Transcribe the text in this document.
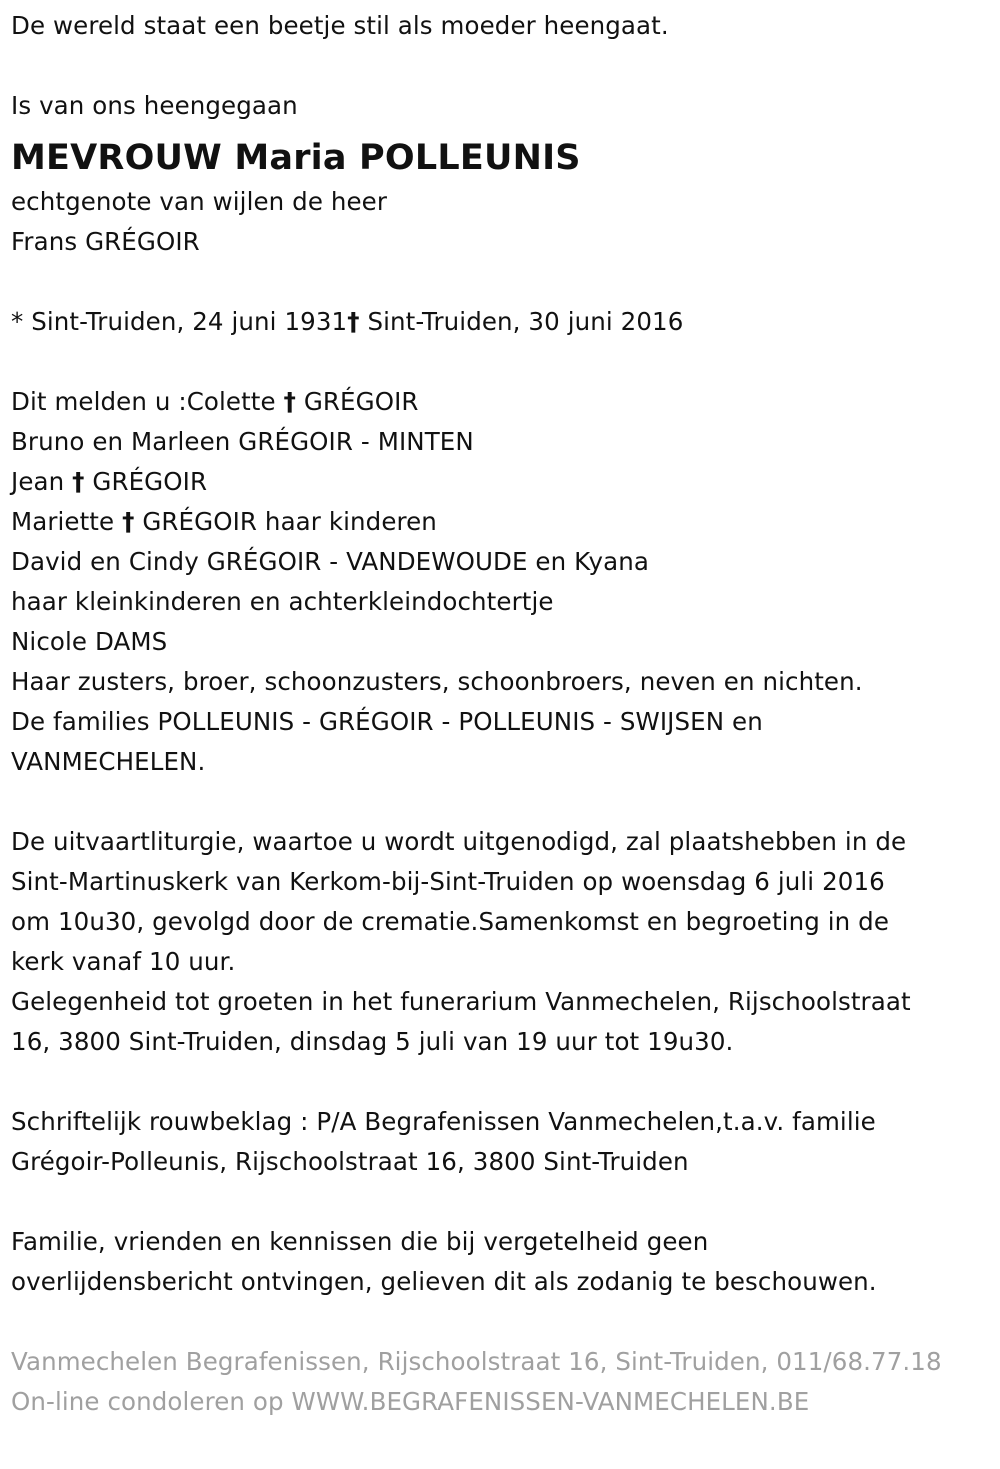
De wereld staat een beetje stil als moeder heengaat.
Is van ons heengegaan
MEVROUW Maria POLLEUNIS
echtgenote van wijlen de heer
Frans GRÉGOIR
* Sint-Truiden, 24 juni 1931† Sint-Truiden, 30 juni 2016
Dit melden u :Colette † GRÉGOIR
Bruno en Marleen GRÉGOIR - MINTEN
Jean † GRÉGOIR
Mariette † GRÉGOIR haar kinderen
David en Cindy GRÉGOIR - VANDEWOUDE en Kyana
haar kleinkinderen en achterkleindochtertje
Nicole DAMS
Haar zusters, broer, schoonzusters, schoonbroers, neven en nichten.
De families POLLEUNIS - GRÉGOIR - POLLEUNIS - SWIJSEN en
VANMECHELEN.
De uitvaartliturgie, waartoe u wordt uitgenodigd, zal plaatshebben in de
Sint-Martinuskerk van Kerkom-bij-Sint-Truiden op woensdag 6 juli 2016
om 10u30, gevolgd door de crematie.Samenkomst en begroeting in de
kerk vanaf 10 uur.
Gelegenheid tot groeten in het funerarium Vanmechelen, Rijschoolstraat
16, 3800 Sint-Truiden, dinsdag 5 juli van 19 uur tot 19u30.
Schriftelijk rouwbeklag : P/A Begrafenissen Vanmechelen,t.a.v. familie
Grégoir-Polleunis, Rijschoolstraat 16, 3800 Sint-Truiden
Familie, vrienden en kennissen die bij vergetelheid geen
overlijdensbericht ontvingen, gelieven dit als zodanig te beschouwen.
Vanmechelen Begrafenissen, Rijschoolstraat 16, Sint-Truiden, 011/68.77.18
On-line condoleren op WWW.BEGRAFENISSEN-VANMECHELEN.BE
